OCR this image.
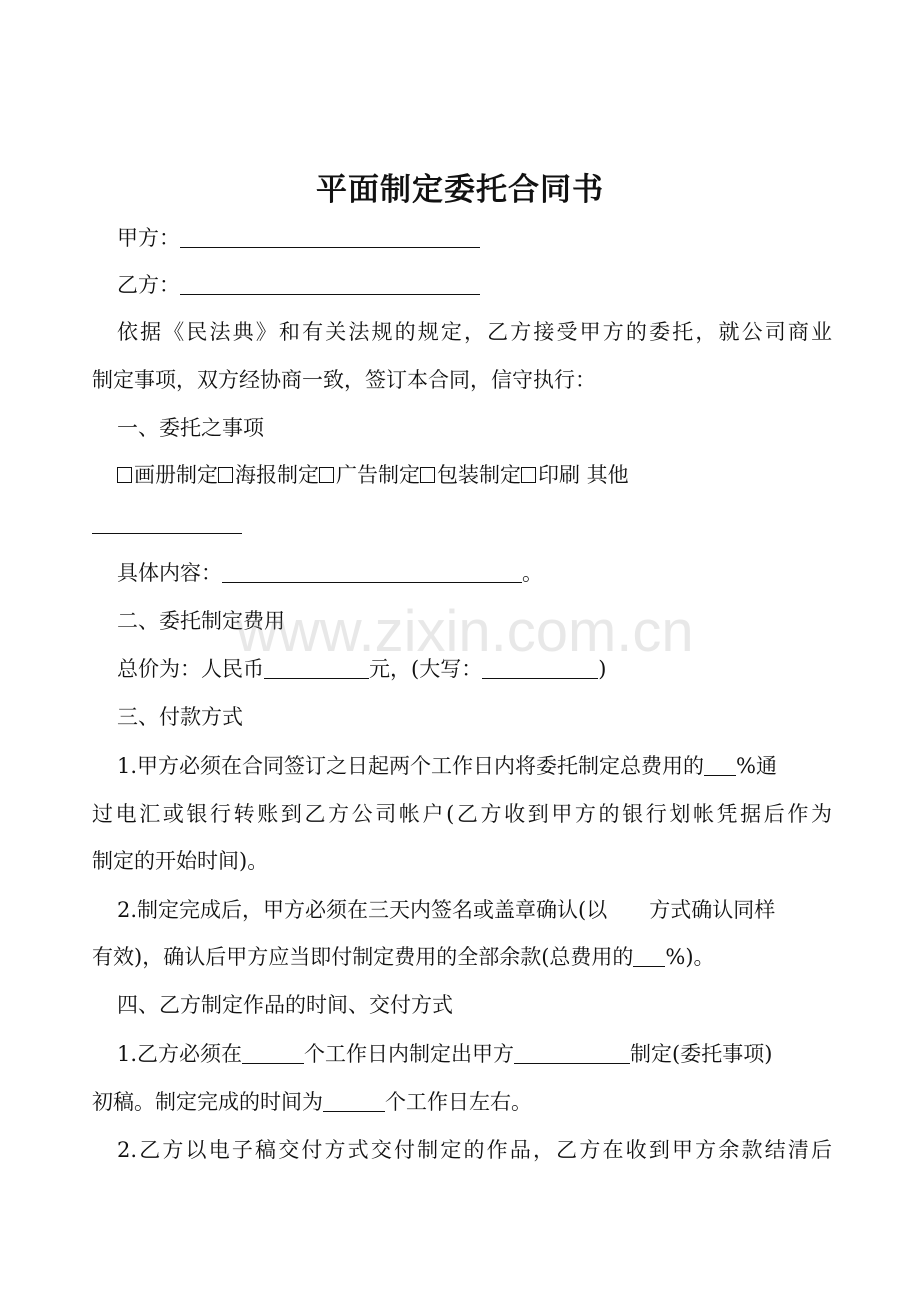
平面制定委托合同书

甲方：

乙方：

依据《民法典》和有关法规的规定，乙方接受甲方的委托，就公司商业

制定事项，双方经协商一致，签订本合同，信守执行：

一、委托之事项

画册制定 海报制定 广告制定 包装制定 印刷 其他

具体内容：	。

二、委托制定费用

总价为：人民币	元，(大写：	)

三、付款方式

1.甲方必须在合同签订之日起两个工作日内将委托制定总费用的 %通

过电汇或银行转账到乙方公司帐户(乙方收到甲方的银行划帐凭据后作为

制定的开始时间)。

2.制定完成后，甲方必须在三天内签名或盖章确认(以 方式确认同样

有效)，确认后甲方应当即付制定费用的全部余款(总费用的 %)。

四、乙方制定作品的时间、交付方式

1.乙方必须在	个工作日内制定出甲方	制定(委托事项)

初稿。制定完成的时间为	个工作日左右。

2.乙方以电子稿交付方式交付制定的作品，乙方在收到甲方余款结清后

www.zixin.com.cn
